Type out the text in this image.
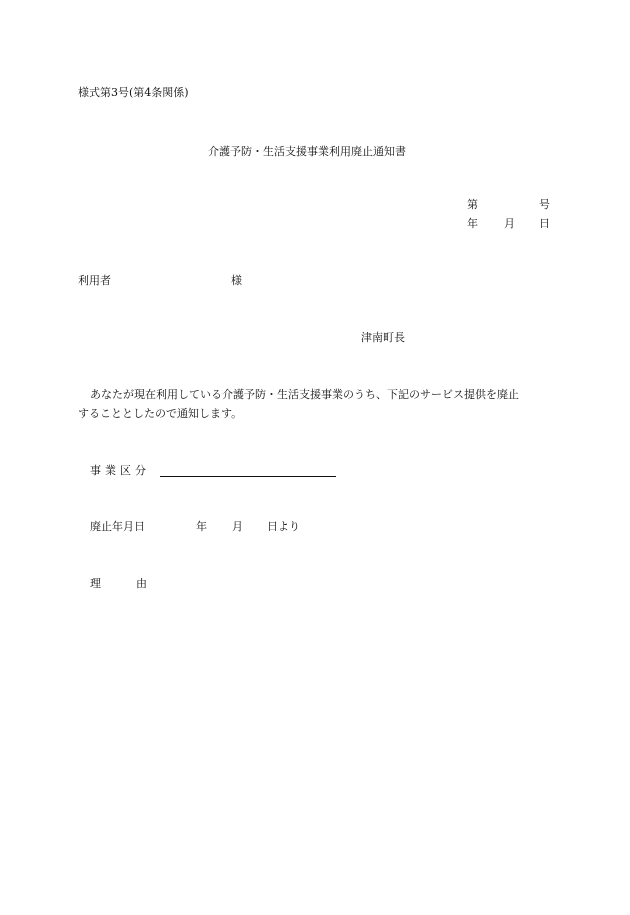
様式第3号(第4条関係)
介護予防・生活支援事業利用廃止通知書
第	号
年 月 日
利用者	様
津南町長
あなたが現在利用している介護予防・生活支援事業のうち、下記のサービス提供を廃止
することとしたので通知します。
事業区分
廃止年月日	年 月 日より
理	由
